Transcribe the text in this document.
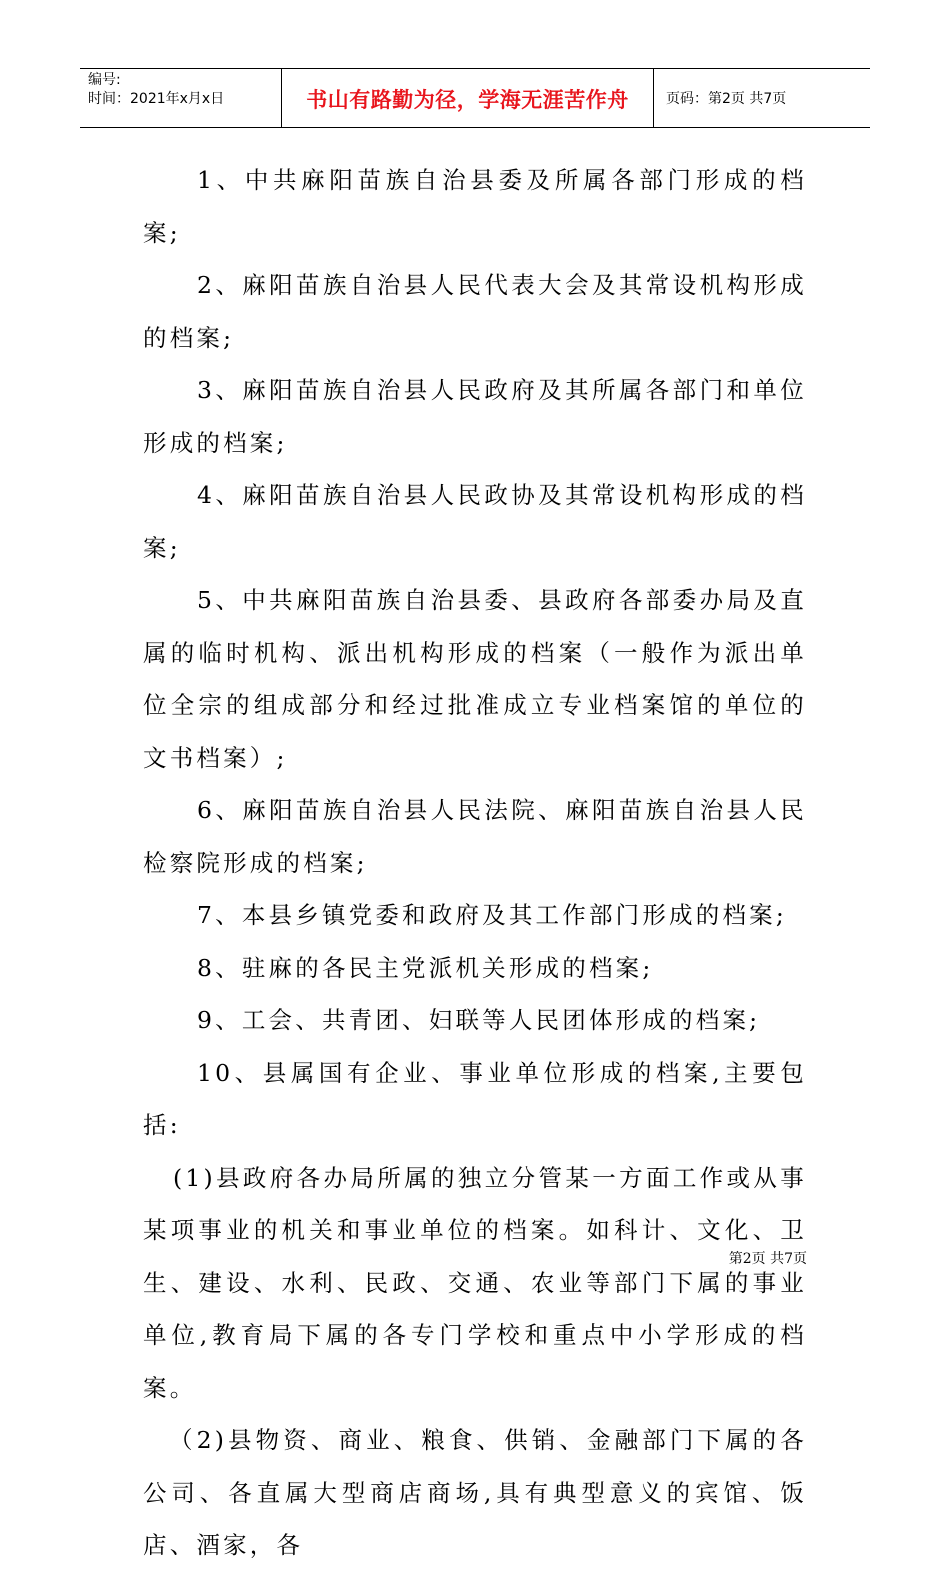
编号:
时间：2021年x月x日	书山有路勤为径，学海无涯苦作舟	页码：第2页 共7页

1、中共麻阳苗族自治县委及所属各部门形成的档案;

2、麻阳苗族自治县人民代表大会及其常设机构形成的档案;

3、麻阳苗族自治县人民政府及其所属各部门和单位形成的档案;

4、麻阳苗族自治县人民政协及其常设机构形成的档案;

5、中共麻阳苗族自治县委、县政府各部委办局及直属的临时机构、派出机构形成的档案（一般作为派出单位全宗的组成部分和经过批准成立专业档案馆的单位的文书档案）;

6、麻阳苗族自治县人民法院、麻阳苗族自治县人民检察院形成的档案;

7、本县乡镇党委和政府及其工作部门形成的档案;

8、驻麻的各民主党派机关形成的档案;

9、工会、共青团、妇联等人民团体形成的档案;

10、县属国有企业、事业单位形成的档案,主要包括:

(1)县政府各办局所属的独立分管某一方面工作或从事某项事业的机关和事业单位的档案。如科计、文化、卫生、建设、水利、民政、交通、农业等部门下属的事业单位,教育局下属的各专门学校和重点中小学形成的档案。

（2)县物资、商业、粮食、供销、金融部门下属的各公司、各直属大型商店商场,具有典型意义的宾馆、饭店、酒家，各

第2页 共7页
